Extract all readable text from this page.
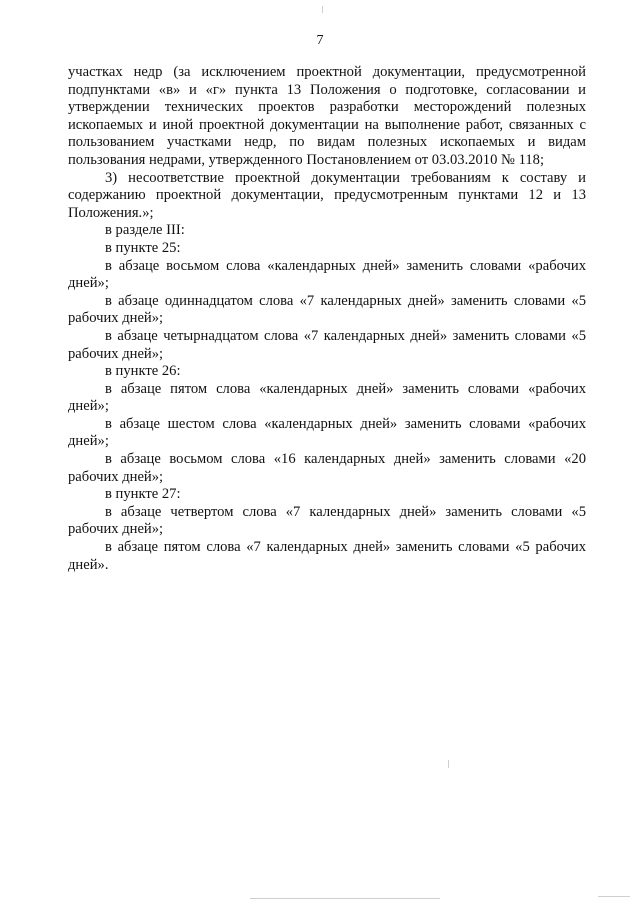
7

участках недр (за исключением проектной документации, предусмотренной подпунктами «в» и «г» пункта 13 Положения о подготовке, согласовании и утверждении технических проектов разработки месторождений полезных ископаемых и иной проектной документации на выполнение работ, связанных с пользованием участками недр, по видам полезных ископаемых и видам пользования недрами, утвержденного Постановлением от 03.03.2010 № 118;

3) несоответствие проектной документации требованиям к составу и содержанию проектной документации, предусмотренным пунктами 12 и 13 Положения.»;

в разделе III:

в пункте 25:

в абзаце восьмом слова «календарных дней» заменить словами «рабочих дней»;

в абзаце одиннадцатом слова «7 календарных дней» заменить словами «5 рабочих дней»;

в абзаце четырнадцатом слова «7 календарных дней» заменить словами «5 рабочих дней»;

в пункте 26:

в абзаце пятом слова «календарных дней» заменить словами «рабочих дней»;

в абзаце шестом слова «календарных дней» заменить словами «рабочих дней»;

в абзаце восьмом слова «16 календарных дней» заменить словами «20 рабочих дней»;

в пункте 27:

в абзаце четвертом слова «7 календарных дней» заменить словами «5 рабочих дней»;

в абзаце пятом слова «7 календарных дней» заменить словами «5 рабочих дней».
